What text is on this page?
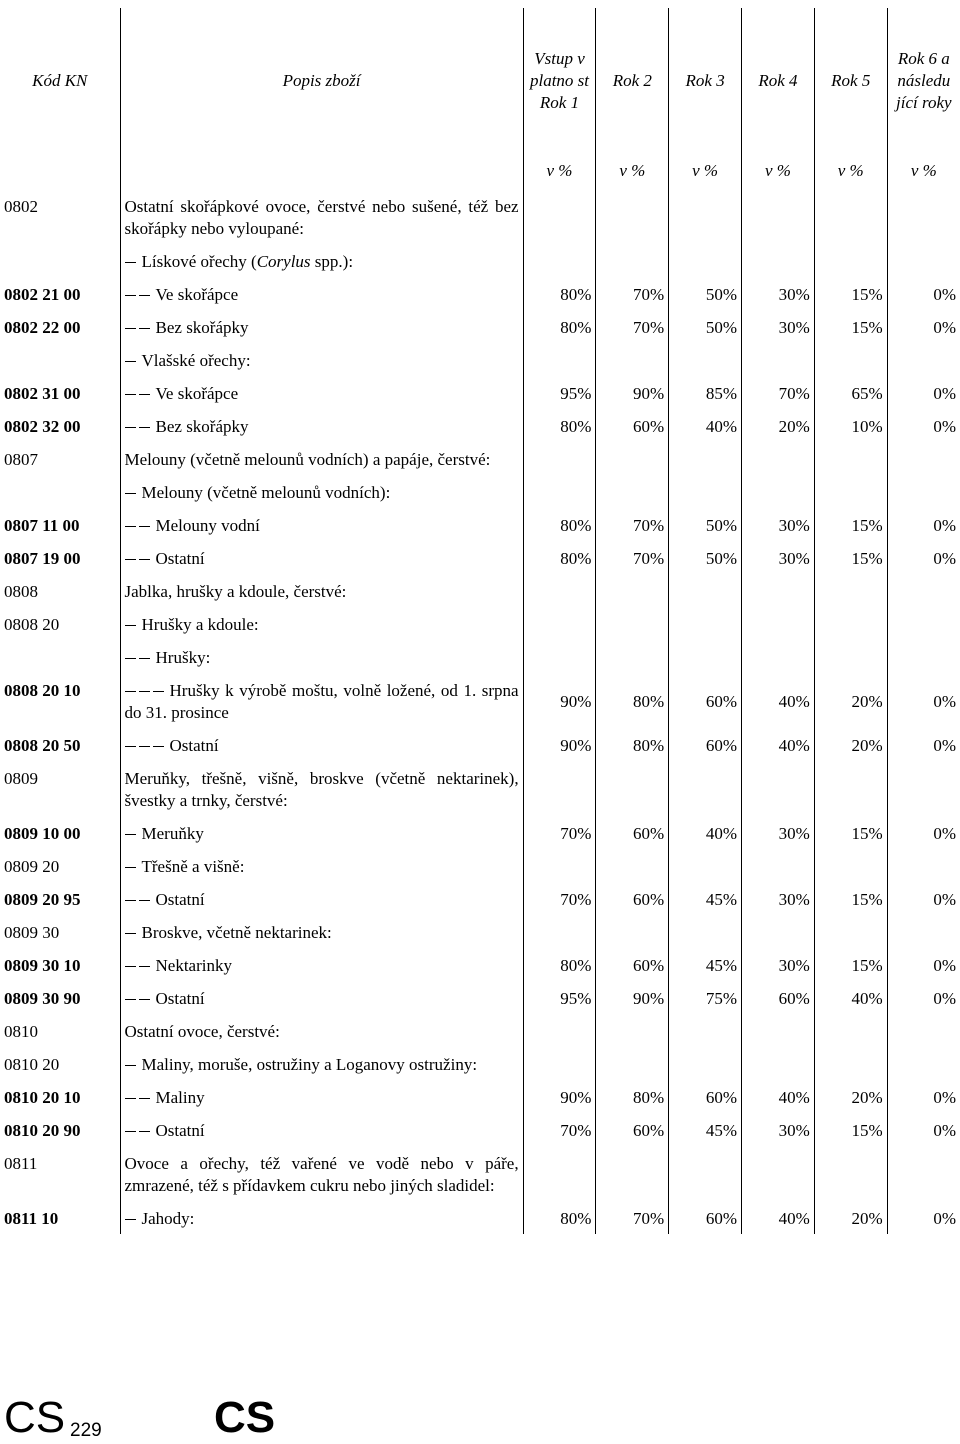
Kód KN	Popis zboží	Vstup v platno st Rok 1	Rok 2	Rok 3	Rok 4	Rok 5	Rok 6 a následu jící roky
		v %	v %	v %	v %	v %	v %
0802	Ostatní skořápkové ovoce, čerstvé nebo sušené, též bez skořápky nebo vyloupané:						
	Lískové ořechy (Corylus spp.):						
0802 21 00	Ve skořápce	80%	70%	50%	30%	15%	0%
0802 22 00	Bez skořápky	80%	70%	50%	30%	15%	0%
	Vlašské ořechy:						
0802 31 00	Ve skořápce	95%	90%	85%	70%	65%	0%
0802 32 00	Bez skořápky	80%	60%	40%	20%	10%	0%
0807	Melouny (včetně melounů vodních) a papáje, čerstvé:						
	Melouny (včetně melounů vodních):						
0807 11 00	Melouny vodní	80%	70%	50%	30%	15%	0%
0807 19 00	Ostatní	80%	70%	50%	30%	15%	0%
0808	Jablka, hrušky a kdoule, čerstvé:						
0808 20	Hrušky a kdoule:						
	Hrušky:						
0808 20 10	Hrušky k výrobě moštu, volně ložené, od 1. srpna do 31. prosince	90%	80%	60%	40%	20%	0%
0808 20 50	Ostatní	90%	80%	60%	40%	20%	0%
0809	Meruňky, třešně, višně, broskve (včetně nektarinek), švestky a trnky, čerstvé:						
0809 10 00	Meruňky	70%	60%	40%	30%	15%	0%
0809 20	Třešně a višně:						
0809 20 95	Ostatní	70%	60%	45%	30%	15%	0%
0809 30	Broskve, včetně nektarinek:						
0809 30 10	Nektarinky	80%	60%	45%	30%	15%	0%
0809 30 90	Ostatní	95%	90%	75%	60%	40%	0%
0810	Ostatní ovoce, čerstvé:						
0810 20	Maliny, moruše, ostružiny a Loganovy ostružiny:						
0810 20 10	Maliny	90%	80%	60%	40%	20%	0%
0810 20 90	Ostatní	70%	60%	45%	30%	15%	0%
0811	Ovoce a ořechy, též vařené ve vodě nebo v páře, zmrazené, též s přídavkem cukru nebo jiných sladidel:						
0811 10	Jahody:	80%	70%	60%	40%	20%	0%
CS 229	CS
